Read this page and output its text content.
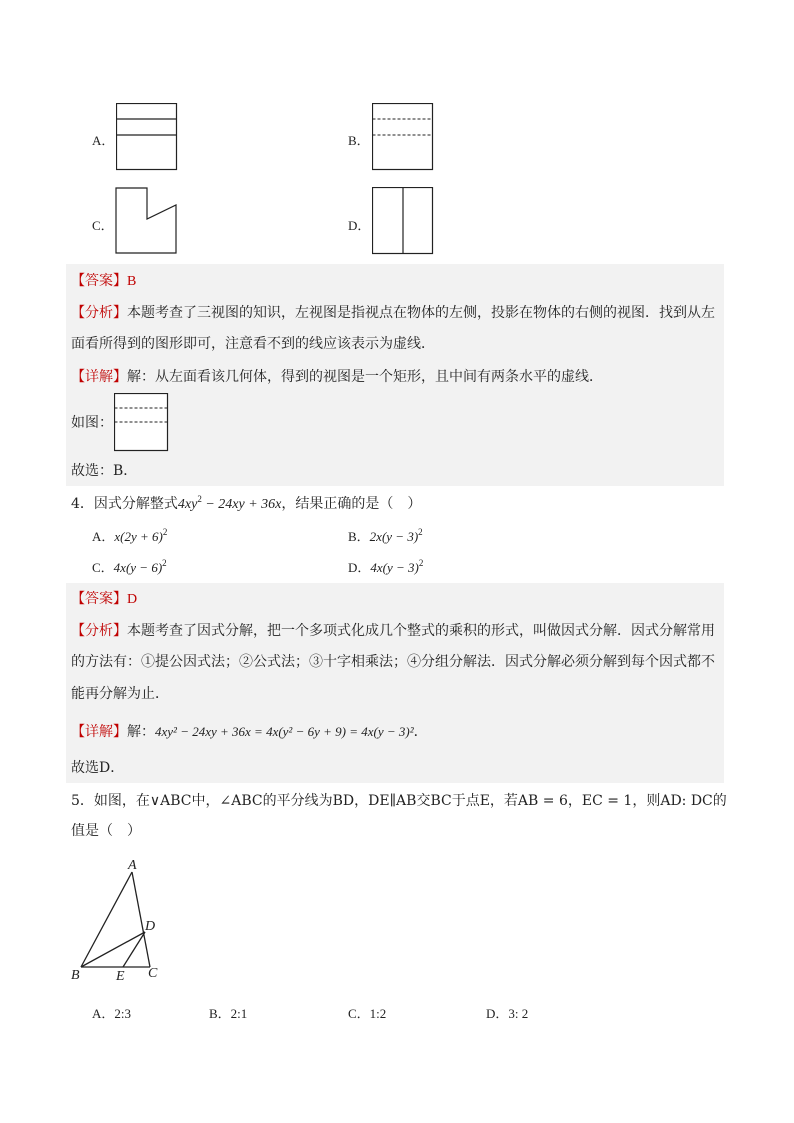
A．	B．
C．	D．
【答案】B
【分析】本题考查了三视图的知识，左视图是指视点在物体的左侧，投影在物体的右侧的视图．找到从左
面看所得到的图形即可，注意看不到的线应该表示为虚线．
【详解】解：从左面看该几何体，得到的视图是一个矩形，且中间有两条水平的虚线．
如图：
故选：B．
4．因式分解整式$4xy^2 - 24xy + 36x$，结果正确的是（　）
A．$x(2y + 6)^2$	B．$2x(y - 3)^2$
C．$4x(y - 6)^2$	D．$4x(y - 3)^2$
【答案】D
【分析】本题考查了因式分解，把一个多项式化成几个整式的乘积的形式，叫做因式分解．因式分解常用
的方法有：①提公因式法；②公式法；③十字相乘法；④分组分解法．因式分解必须分解到每个因式都不
能再分解为止．
【详解】解：4xy² − 24xy + 36x = 4x(y² − 6y + 9) = 4x(y − 3)²．
故选D．
5．如图，在∨ABC中，∠ABC的平分线为BD，DE∥AB交BC于点E，若AB = 6，EC = 1，则AD: DC的
值是（　）
A
B	C
D
E
A．2:3	B．2:1	C．1:2	D．3: 2
